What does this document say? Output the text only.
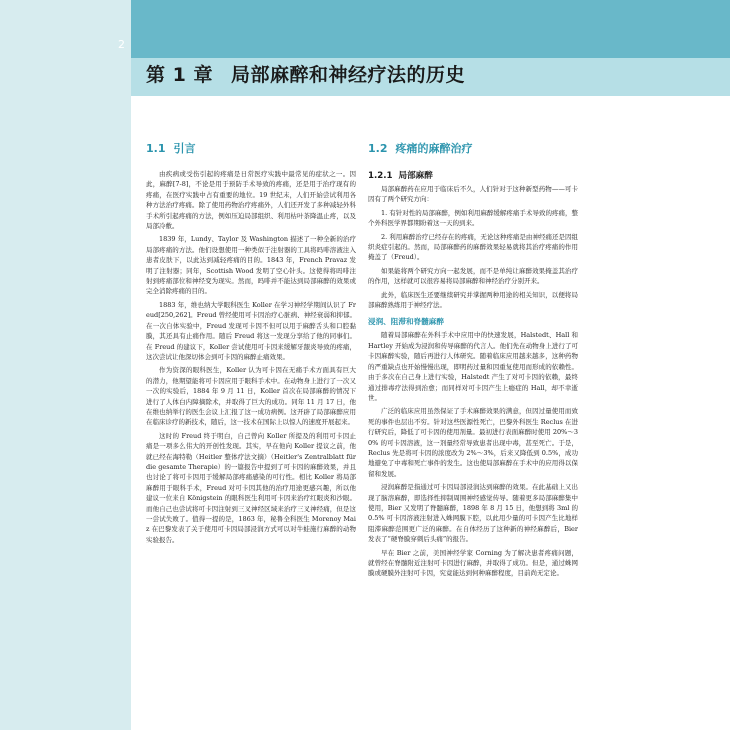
2
第 1 章 局部麻醉和神经疗法的历史
1.1 引言

由疾病或受伤引起的疼痛是日常医疗实践中最常见的症状之一。因此，麻醉[7-8]，不论是用于预防手术导致的疼痛，还是用于治疗现有的疼痛，在医疗实践中占有重要的地位。19 世纪末，人们开始尝试利用各种方法治疗疼痛。除了使用药物治疗疼痛外，人们还开发了多种减轻外科手术所引起疼痛的方法，例如压迫局部组织、利用枯叶茶降温止疼，以及局部冷敷。

1839 年，Lundy、Taylor 及 Washington 描述了一种全新的治疗局部疼痛的方法。他们设想使用一种类似于注射器的工具将吗啡溶液注入患者皮肤下，以此达到减轻疼痛的目的。1843 年，French Pravaz 发明了注射器；同年，Scottish Wood 发明了空心针头。这使得将吗啡注射到疼痛部位和神经变为现实。然而，吗啡并不能达到局部麻醉的效果或完全消除疼痛的目的。

1883 年，维也纳大学眼科医生 Koller 在学习神经学期间认识了 Freud[250,262]。Freud 曾经使用可卡因治疗心脏病、神经衰弱和抑郁。在一次自体实验中，Freud 发现可卡因不但可以用于麻醉舌头和口腔黏膜，其还具有止痛作用。随后 Freud 将这一发现分享给了他的同事们。在 Freud 的建议下，Koller 尝试使用可卡因来缓解牙龈炎导致的疼痛，这次尝试让他深切体会到可卡因的麻醉止痛效果。

作为资深的眼科医生，Koller 认为可卡因在无痛手术方面具有巨大的潜力，他期望能将可卡因应用于眼科手术中。在动物身上进行了一次又一次的实验后，1884 年 9 月 11 日，Koller 首次在局部麻醉的情况下进行了人体白内障摘除术，并取得了巨大的成功。同年 11 月 17 日，他在维也纳举行的医生会议上汇报了这一成功病例。这开辟了局部麻醉应用在临床诊疗的新技术，随后，这一技术在国际上以惊人的速度开展起来。

这时的 Freud 终于明白，自己曾向 Koller 所提及的利用可卡因止痛是一项多么伟大的开创性发现。其实，早在他向 Koller 提议之前，他就已经在海特勒（Heitler 整体疗法文摘）（Heitler's Zentralblatt für die gesamte Therapie）的一篇报告中提到了可卡因的麻醉效果，并且也讨论了将可卡因用于缓解局部疼痛感染的可行性。相比 Koller 将局部麻醉用于眼科手术，Freud 对可卡因其他的治疗用途更感兴趣，所以他建议一位来自 Königstein 的眼科医生利用可卡因来治疗红眼炎和沙眼。而他自己也尝试将可卡因注射到三叉神经区域来治疗三叉神经痛，但是这一尝试失败了。值得一提的是，1863 年，秘鲁全科医生 Morenoy Maiz 在巴黎发表了关于使用可卡因局部浸润方式可以对牛蛙施行麻醉的动物实验报告。

1.2 疼痛的麻醉治疗
1.2.1 局部麻醉

局部麻醉药在应用于临床后不久，人们针对于这种新型药物——可卡因有了两个研究方向：

1. 有针对性的局部麻醉，例如利用麻醉缓解疼痛手术导致的疼痛，整个外科医学界都期盼着这一天的到来。

2. 利用麻醉治疗已经存在的疼痛，无论这种疼痛是由神经痛还是因组织炎症引起的。然而，局部麻醉药的麻醉效果轻易就将其治疗疼痛的作用掩盖了（Freud）。

如果能将两个研究方向一起发展，而不是单纯让麻醉效果掩盖其治疗的作用，这样就可以很容易将局部麻醉和神经治疗分别开来。

此外，临床医生还要继续研究并掌握两种用途的相关知识，以便将局部麻醉熟练用于神经疗法。

浸润、阻滞和脊髓麻醉

随着局部麻醉在外科手术中应用中的快速发展，Halstedt、Hall 和 Hartley 开始成为浸润和传导麻醉的代言人。他们先在动物身上进行了可卡因麻醉实验，随后再进行人体研究。随着临床应用越来越多，这种药物的严重缺点也开始慢慢出现，即明药过量和因重复使用而形成的依赖性。由于多次在自己身上进行实验，Halstedt 产生了对可卡因的依赖，最终通过排毒疗法得到治愈；而同样对可卡因产生上瘾症的 Hall，却不幸逝世。

广泛的临床应用虽然保证了手术麻醉效果的满意，但因过量使用而致死的事件也层出不穷。针对这些医源性死亡，巴黎外科医生 Reclus 在进行研究后，降低了可卡因的使用剂量。最初进行表面麻醉时使用 20%～30% 的可卡因溶液，这一剂量经常导致患者出现中毒，甚至死亡。于是，Reclus 先是将可卡因的浓度改为 2%～3%，后来又降低到 0.5%，成功地避免了中毒和死亡事件的发生。这也使局部麻醉在手术中的应用得以保留和发展。

浸润麻醉是指通过可卡因局部浸润达到麻醉的效果。在此基础上又出现了脑溶麻醉，即选择性抑制周围神经感觉传导。随着更多局部麻醉集中使用，Bier 又发明了脊髓麻醉，1898 年 8 月 15 日，他想到将 3ml 的 0.5% 可卡因溶液注射进入蛛网膜下腔，以此用少量的可卡因产生比地样阻滞麻醉范围更广泛的麻醉。在自体经历了这种新的神经麻醉后，Bier 发表了“硬脊膜穿刺后头痛”的报告。

早在 Bier 之前，美国神经学家 Corning 为了解决患者疼痛问题，就曾经在脊髓附近注射可卡因进行麻醉，并取得了成功。但是，通过蛛网膜或硬膜外注射可卡因，究竟能达到何种麻醉程度，目前尚无定论。
